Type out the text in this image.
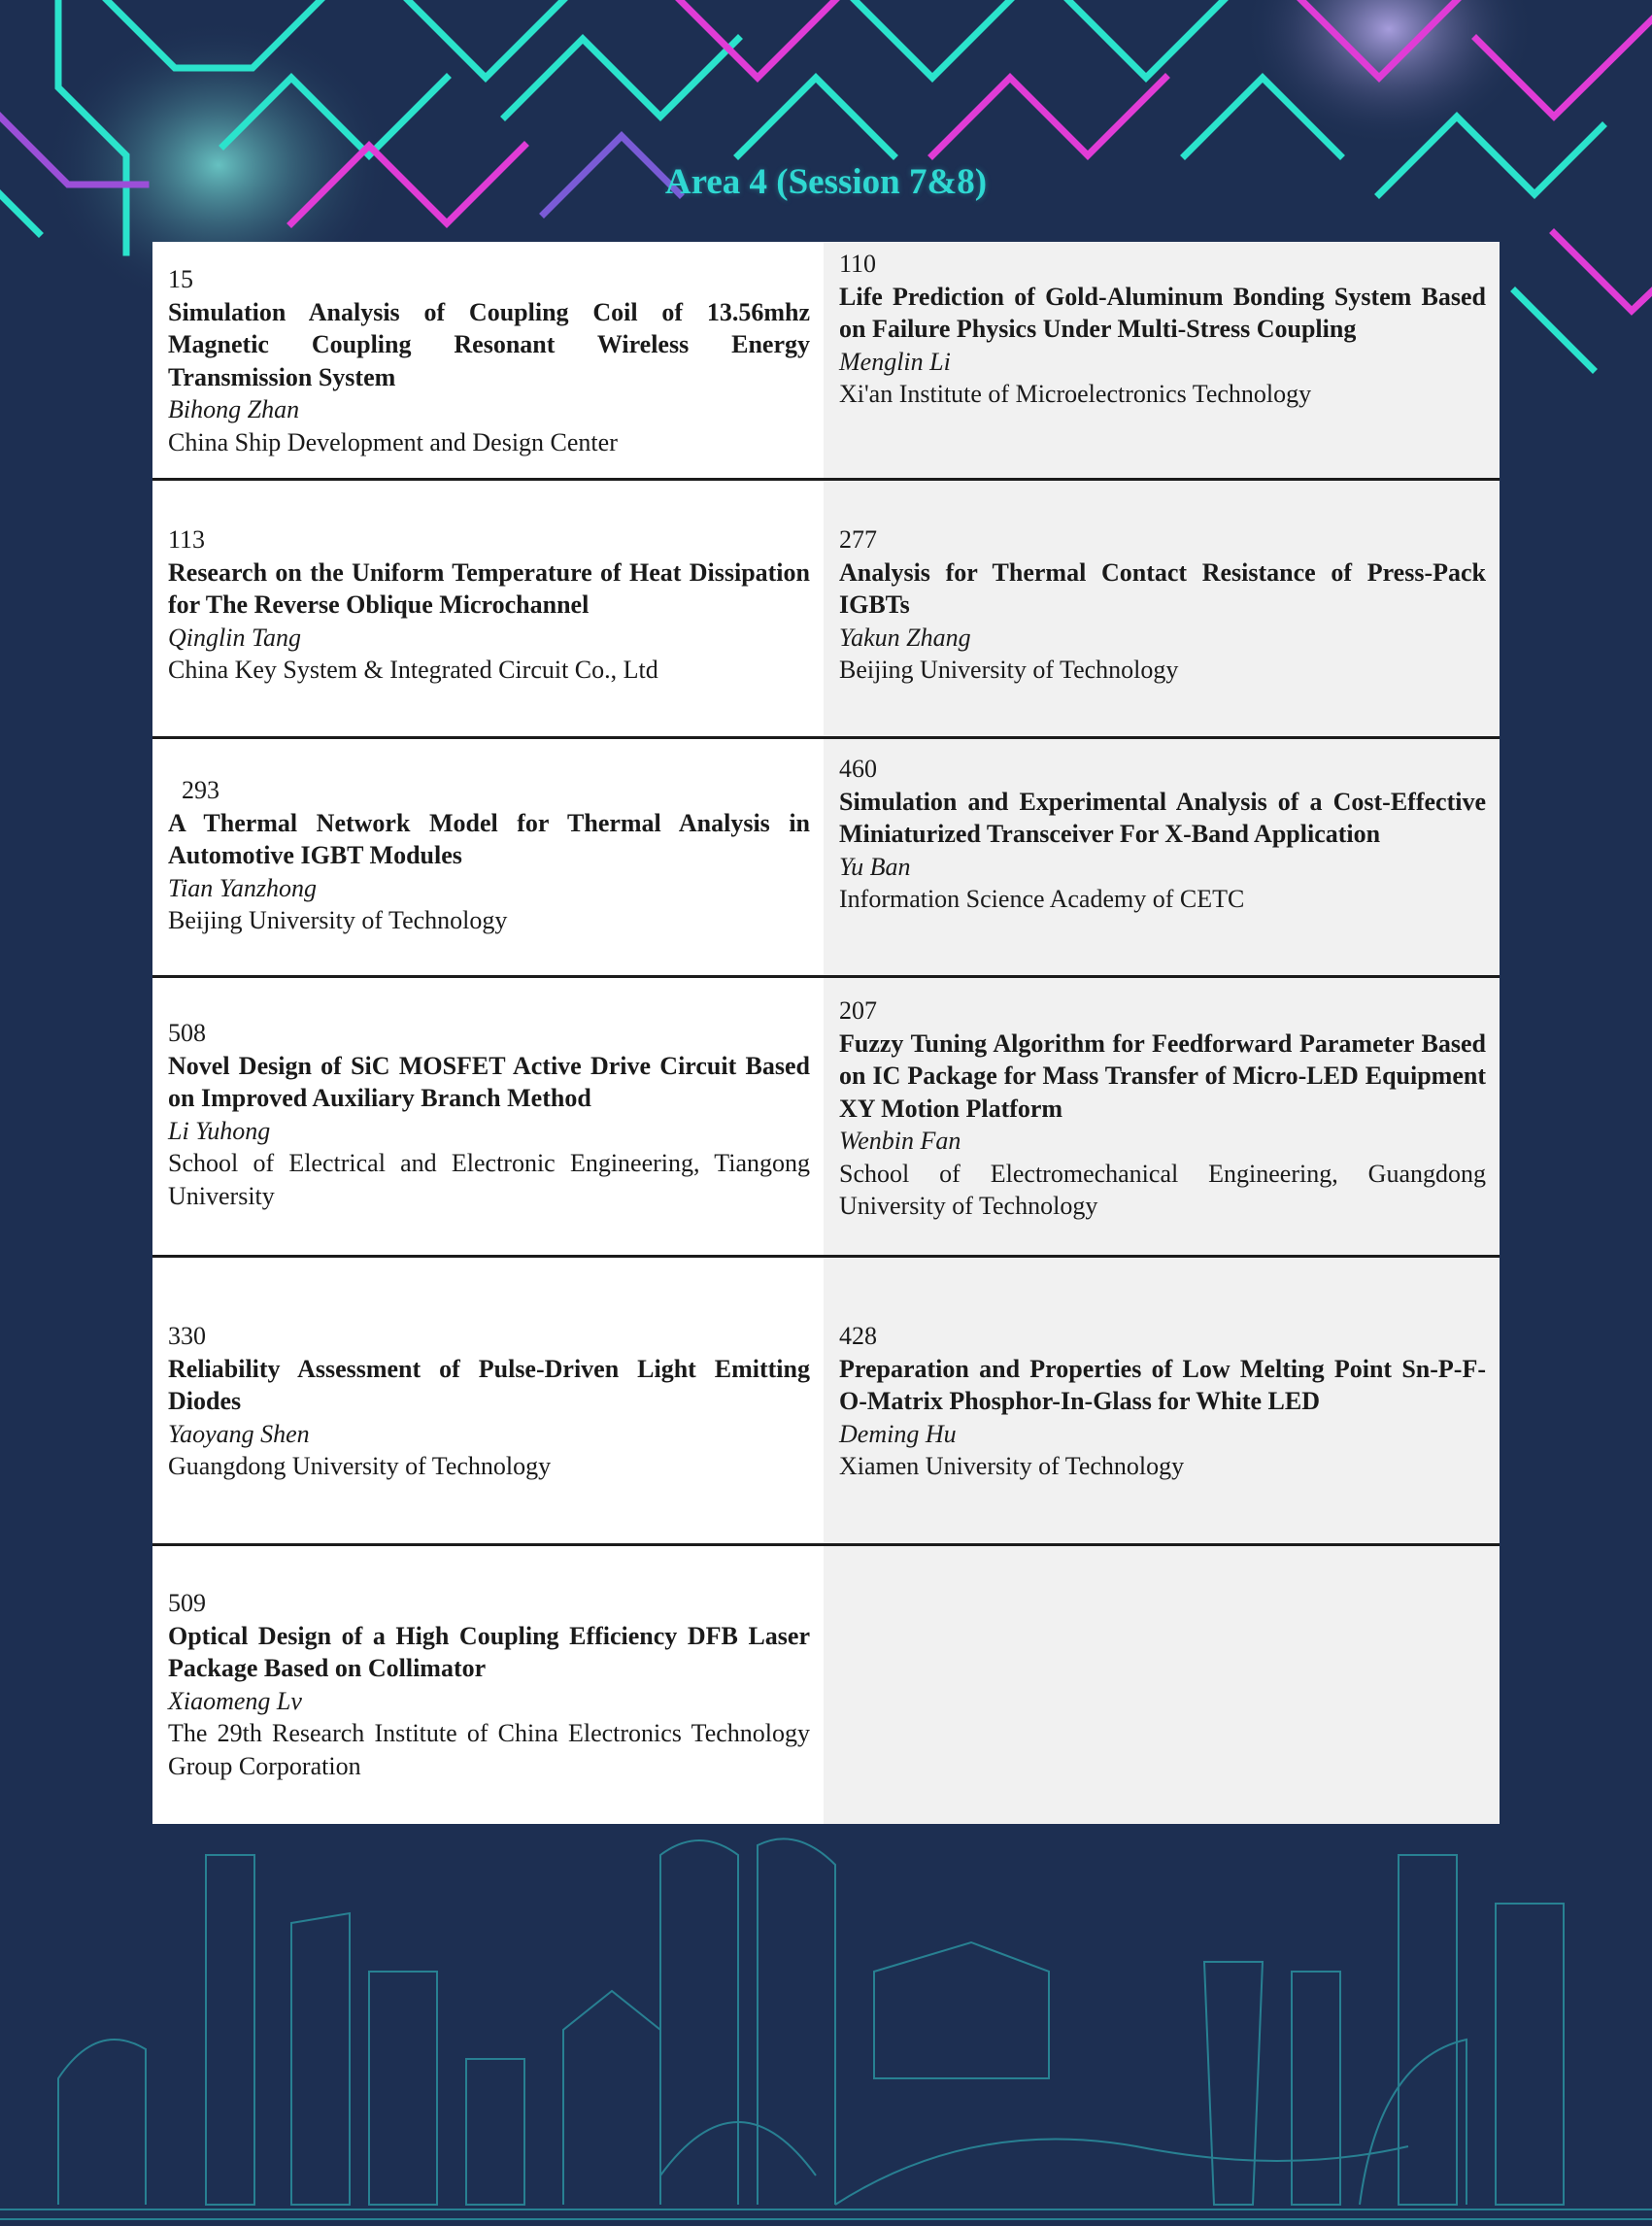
Area 4 (Session 7&8)
15
Simulation Analysis of Coupling Coil of 13.56mhz Magnetic Coupling Resonant Wireless Energy Transmission System
Bihong Zhan
China Ship Development and Design Center
110
Life Prediction of Gold-Aluminum Bonding System Based on Failure Physics Under Multi-Stress Coupling
Menglin Li
Xi'an Institute of Microelectronics Technology
113
Research on the Uniform Temperature of Heat Dissipation for The Reverse Oblique Microchannel
Qinglin Tang
China Key System & Integrated Circuit Co., Ltd
277
Analysis for Thermal Contact Resistance of Press-Pack IGBTs
Yakun Zhang
Beijing University of Technology
293
A Thermal Network Model for Thermal Analysis in Automotive IGBT Modules
Tian Yanzhong
Beijing University of Technology
460
Simulation and Experimental Analysis of a Cost-Effective Miniaturized Transceiver For X-Band Application
Yu Ban
Information Science Academy of CETC
508
Novel Design of SiC MOSFET Active Drive Circuit Based on Improved Auxiliary Branch Method
Li Yuhong
School of Electrical and Electronic Engineering, Tiangong University
207
Fuzzy Tuning Algorithm for Feedforward Parameter Based on IC Package for Mass Transfer of Micro-LED Equipment XY Motion Platform
Wenbin Fan
School of Electromechanical Engineering, Guangdong University of Technology
330
Reliability Assessment of Pulse-Driven Light Emitting Diodes
Yaoyang Shen
Guangdong University of Technology
428
Preparation and Properties of Low Melting Point Sn-P-F-O-Matrix Phosphor-In-Glass for White LED
Deming Hu
Xiamen University of Technology
509
Optical Design of a High Coupling Efficiency DFB Laser Package Based on Collimator
Xiaomeng Lv
The 29th Research Institute of China Electronics Technology Group Corporation
